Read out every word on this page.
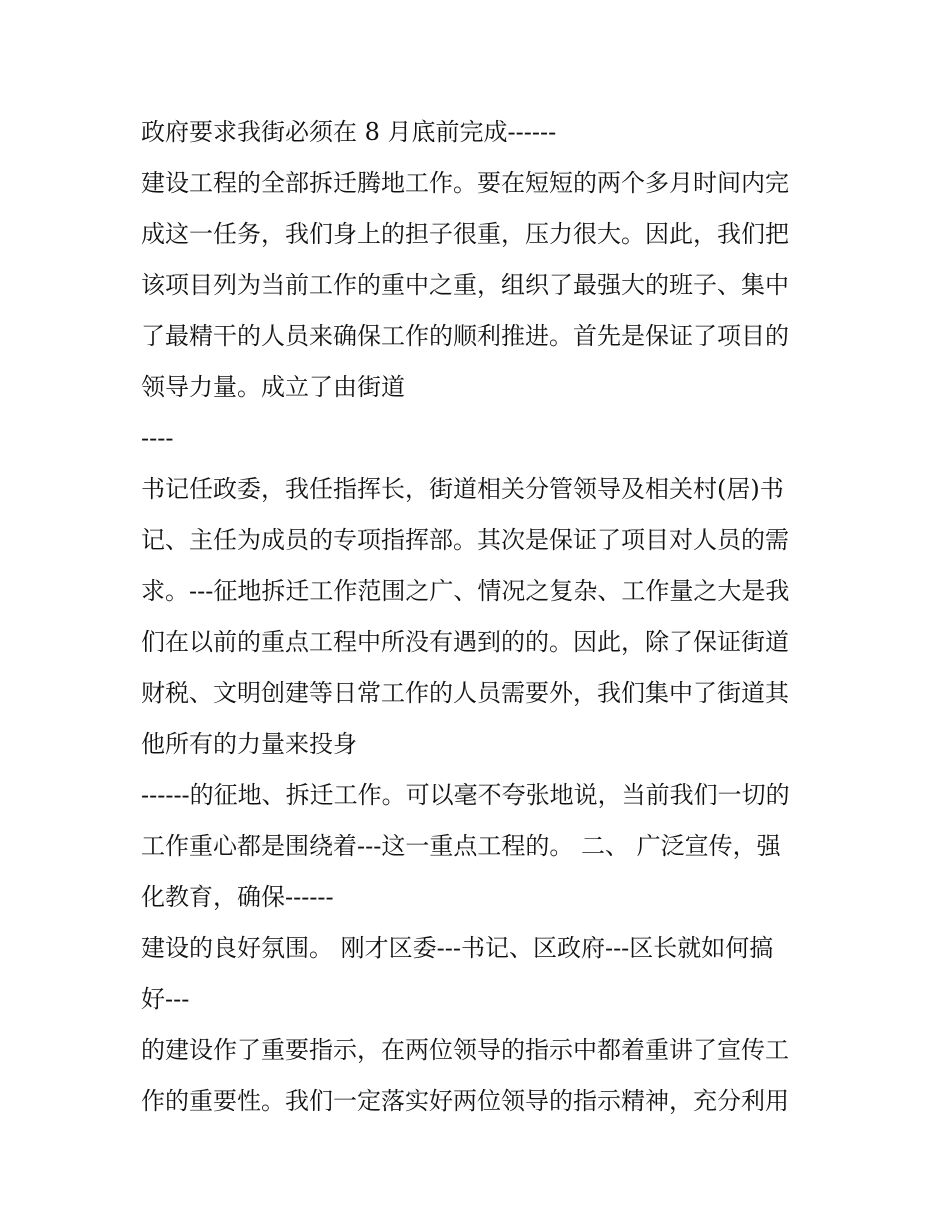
政府要求我街必须在 8 月底前完成------
建设工程的全部拆迁腾地工作。要在短短的两个多月时间内完
成这一任务，我们身上的担子很重，压力很大。因此，我们把
该项目列为当前工作的重中之重，组织了最强大的班子、集中
了最精干的人员来确保工作的顺利推进。首先是保证了项目的
领导力量。成立了由街道
----
书记任政委，我任指挥长，街道相关分管领导及相关村(居)书
记、主任为成员的专项指挥部。其次是保证了项目对人员的需
求。---征地拆迁工作范围之广、情况之复杂、工作量之大是我
们在以前的重点工程中所没有遇到的的。因此，除了保证街道
财税、文明创建等日常工作的人员需要外，我们集中了街道其
他所有的力量来投身
------的征地、拆迁工作。可以毫不夸张地说，当前我们一切的
工作重心都是围绕着---这一重点工程的。 二、 广泛宣传，强
化教育，确保------
建设的良好氛围。 刚才区委---书记、区政府---区长就如何搞
好---
的建设作了重要指示，在两位领导的指示中都着重讲了宣传工
作的重要性。我们一定落实好两位领导的指示精神，充分利用
